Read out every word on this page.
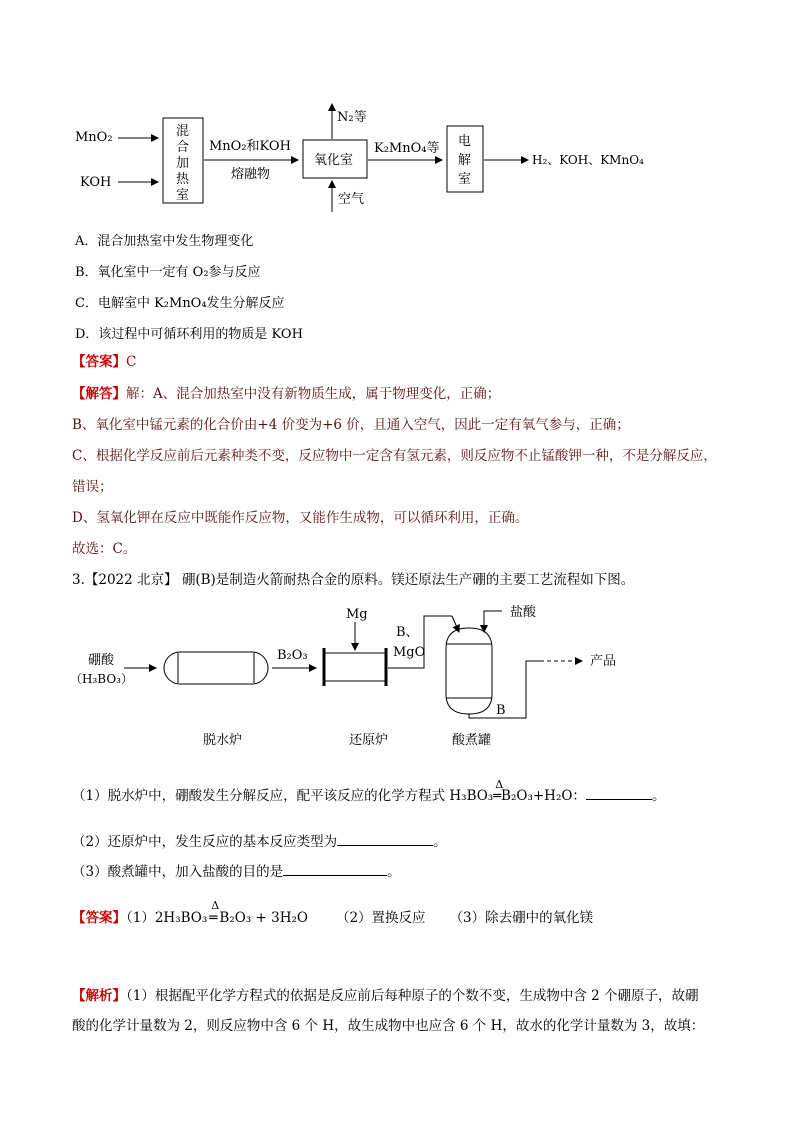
MnO₂
KOH
混
合
加
热
室
MnO₂和KOH
熔融物
氧化室
N₂等
空气
K₂MnO₄等 电
解
室
H₂、KOH、KMnO₄
A．混合加热室中发生物理变化
B．氧化室中一定有 O₂参与反应
C．电解室中 K₂MnO₄发生分解反应
D．该过程中可循环利用的物质是 KOH
【答案】C
【解答】解：A、混合加热室中没有新物质生成，属于物理变化，正确；
B、氧化室中锰元素的化合价由+4 价变为+6 价，且通入空气，因此一定有氧气参与，正确；
C、根据化学反应前后元素种类不变，反应物中一定含有氢元素，则反应物不止锰酸钾一种，不是分解反应，
错误；
D、氢氧化钾在反应中既能作反应物，又能作生成物，可以循环利用，正确。
故选：C。
3.【2022 北京】 硼(B)是制造火箭耐热合金的原料。镁还原法生产硼的主要工艺流程如下图。
硼酸
（H₃BO₃）
B₂O₃
Mg
B、
MgO
盐酸
B
产品
脱水炉	还原炉	酸煮罐
（1）脱水炉中，硼酸发生分解反应，配平该反应的化学方程式 H₃BO₃
Δ
═B₂O₃+H₂O：	。
（2）还原炉中，发生反应的基本反应类型为	。
（3）酸煮罐中，加入盐酸的目的是	。
【答案】（1）2H₃BO₃
Δ
═ B₂O₃ + 3H₂O （2）置换反应 （3）除去硼中的氧化镁
【解析】（1）根据配平化学方程式的依据是反应前后每种原子的个数不变，生成物中含 2 个硼原子，故硼
酸的化学计量数为 2，则反应物中含 6 个 H，故生成物中也应含 6 个 H，故水的化学计量数为 3，故填：
